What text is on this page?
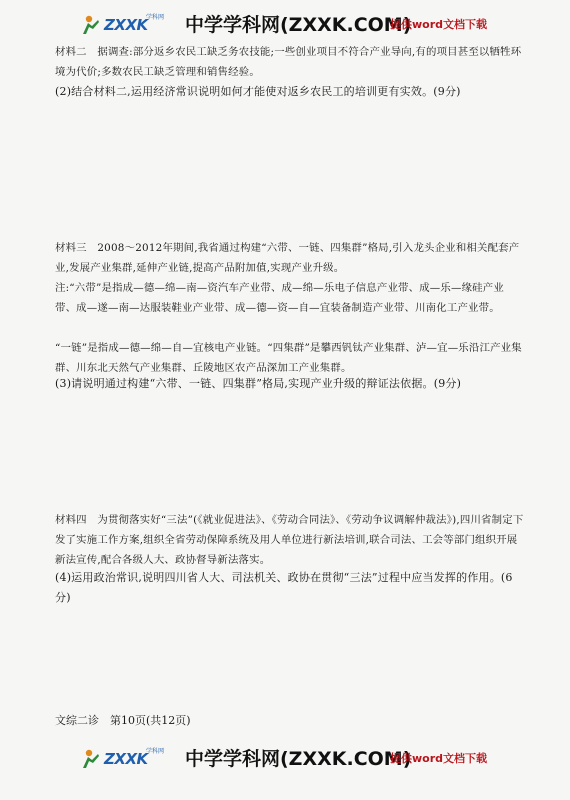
ZXXK
学科网 中学学科网(ZXXK.COM)
提供word文档下载
材料二　据调查:部分返乡农民工缺乏务农技能;一些创业项目不符合产业导向,有的项目甚至以牺牲环境为代价;多数农民工缺乏管理和销售经验。
(2)结合材料二,运用经济常识说明如何才能使对返乡农民工的培训更有实效。(9分)
材料三　2008～2012年期间,我省通过构建“六带、一链、四集群”格局,引入龙头企业和相关配套产业,发展产业集群,延伸产业链,提高产品附加值,实现产业升级。
注:“六带”是指成—德—绵—南—资汽车产业带、成—绵—乐电子信息产业带、成—乐—缘硅产业带、成—遂—南—达服装鞋业产业带、成—德—资—自—宜装备制造产业带、川南化工产业带。
“一链”是指成—德—绵—自—宜核电产业链。“四集群”是攀西钒钛产业集群、泸—宜—乐沿江产业集群、川东北天然气产业集群、丘陵地区农产品深加工产业集群。
(3)请说明通过构建“六带、一链、四集群”格局,实现产业升级的辩证法依据。(9分)
材料四　为贯彻落实好“三法”(《就业促进法》、《劳动合同法》、《劳动争议调解仲裁法》),四川省制定下发了实施工作方案,组织全省劳动保障系统及用人单位进行新法培训,联合司法、工会等部门组织开展新法宣传,配合各级人大、政协督导新法落实。
(4)运用政治常识,说明四川省人大、司法机关、政协在贯彻“三法”过程中应当发挥的作用。(6分)
文综二诊　第10页(共12页)
ZXXK
学科网 中学学科网(ZXXK.COM)
提供word文档下载
